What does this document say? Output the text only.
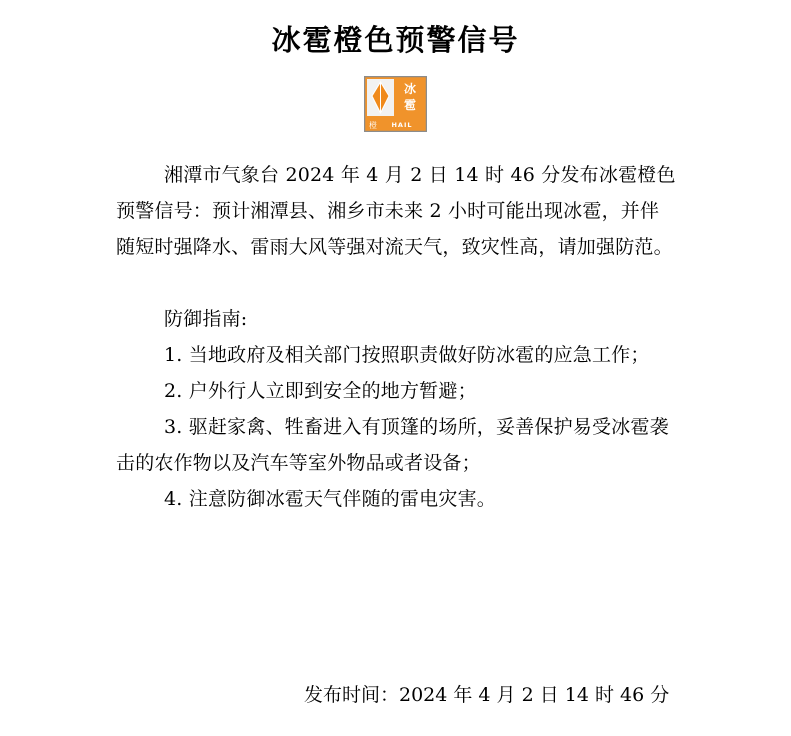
冰雹橙色预警信号
冰
雹
橙 HAIL

湘潭市气象台 2024 年 4 月 2 日 14 时 46 分发布冰雹橙色预警信号：预计湘潭县、湘乡市未来 2 小时可能出现冰雹，并伴随短时强降水、雷雨大风等强对流天气，致灾性高，请加强防范。

防御指南:

1. 当地政府及相关部门按照职责做好防冰雹的应急工作；

2. 户外行人立即到安全的地方暂避；

3. 驱赶家禽、牲畜进入有顶篷的场所，妥善保护易受冰雹袭击的农作物以及汽车等室外物品或者设备；

4. 注意防御冰雹天气伴随的雷电灾害。

发布时间：2024 年 4 月 2 日 14 时 46 分
